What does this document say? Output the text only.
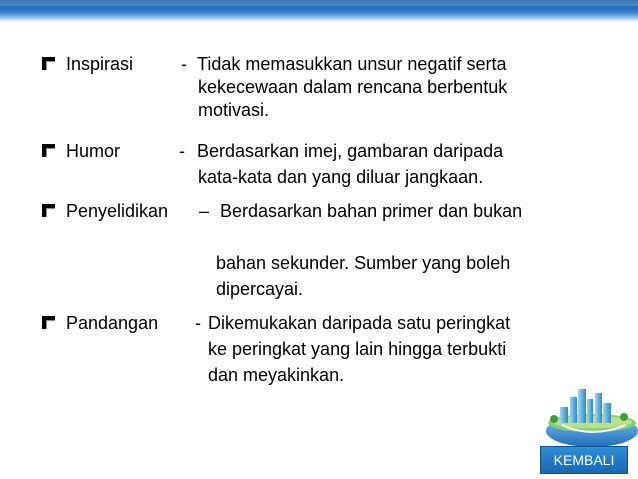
Inspirasi	- Tidak memasukkan unsur negatif serta
kekecewaan dalam rencana berbentuk
motivasi.
Humor	- Berdasarkan imej, gambaran daripada
kata-kata dan yang diluar jangkaan.
Penyelidikan – Berdasarkan bahan primer dan bukan
bahan sekunder. Sumber yang boleh
dipercayai.
Pandangan - Dikemukakan daripada satu peringkat
ke peringkat yang lain hingga terbukti
dan meyakinkan.
KEMBALI
